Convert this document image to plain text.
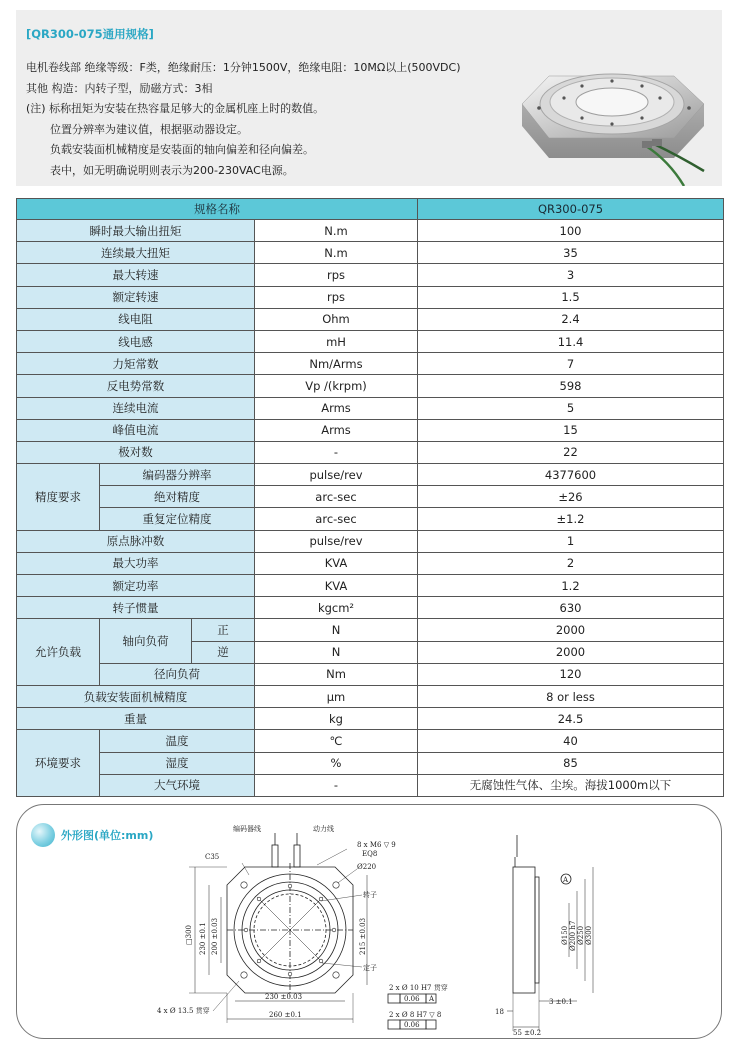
[QR300-075通用规格]
电机卷线部 绝缘等级：F类，绝缘耐压：1分钟1500V，绝缘电阻：10MΩ以上(500VDC)
其他 构造：内转子型，励磁方式：3相
(注) 标称扭矩为安装在热容量足够大的金属机座上时的数值。
位置分辨率为建议值，根据驱动器设定。
负载安装面机械精度是安装面的轴向偏差和径向偏差。
表中，如无明确说明则表示为200-230VAC电源。
规格名称				QR300-075
瞬时最大输出扭矩			N.m	100
连续最大扭矩			N.m	35
最大转速			rps	3
额定转速			rps	1.5
线电阻			Ohm	2.4
线电感			mH	11.4
力矩常数			Nm/Arms	7
反电势常数			Vp /(krpm)	598
连续电流			Arms	5
峰值电流			Arms	15
极对数			-	22
精度要求	编码器分辨率		pulse/rev	4377600
	绝对精度		arc-sec	±26
	重复定位精度		arc-sec	±1.2
原点脉冲数			pulse/rev	1
最大功率			KVA	2
额定功率			KVA	1.2
转子惯量			kgcm²	630
允许负载	轴向负荷	正	N	2000
		逆	N	2000
	径向负荷		Nm	120
负载安装面机械精度			μm	8 or less
重量			kg	24.5
环境要求	温度		℃	40
	湿度		%	85
	大气环境		-	无腐蚀性气体、尘埃。海拔1000m以下
外形图(单位:mm)	编码器线	动力线
C35
8 x M6 ▽ 9
EQ8
Ø220
转子
定子
□300 230 ±0.1 200 ±0.03	215 ±0.03
230 ±0.03
260 ±0.1
4 x Ø 13.5 贯穿
2 x Ø 10 H7 贯穿
0.06 A
2 x Ø 8 H7 ▽ 8
0.06
A
Ø150 Ø200 h7 Ø250 Ø300
18
3 ±0.1
55 ±0.2
